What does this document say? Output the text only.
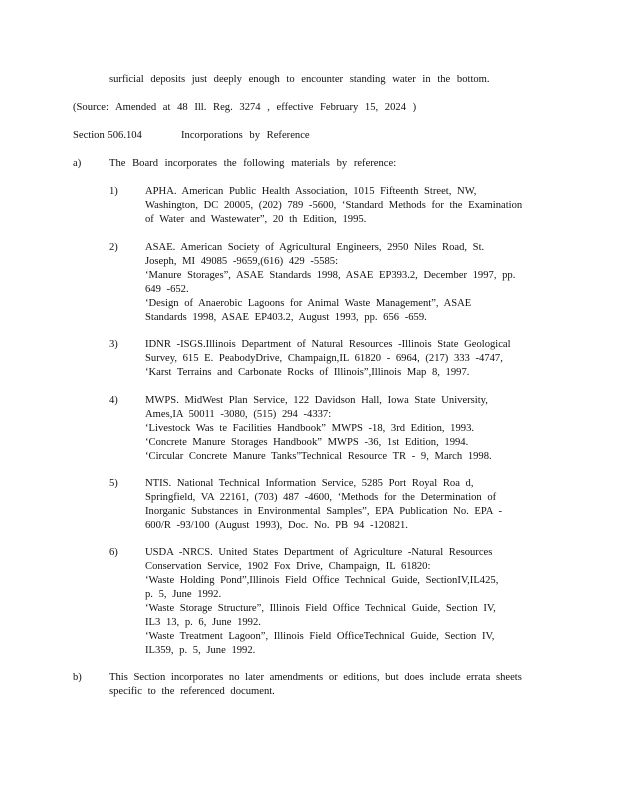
surficial deposits just deeply enough to encounter standing water in the bottom.
(Source: Amended at 48 Ill. Reg. 3274 , effective February 15, 2024 )
Section 506.104	Incorporations by Reference
a)	The Board incorporates the following materials by reference:
1)	APHA. American Public Health Association, 1015 Fifteenth Street, NW,
Washington, DC 20005, (202) 789 -5600, ‘Standard Methods for the Examination
of Water and Wastewater”, 20 th Edition, 1995.
2)	ASAE. American Society of Agricultural Engineers, 2950 Niles Road, St.
Joseph, MI 49085 -9659,(616) 429 -5585:
‘Manure Storages”, ASAE Standards 1998, ASAE EP393.2, December 1997, pp.
649 -652.
‘Design of Anaerobic Lagoons for Animal Waste Management”, ASAE
Standards 1998, ASAE EP403.2, August 1993, pp. 656 -659.
3)	IDNR -ISGS.Illinois Department of Natural Resources -Illinois State Geological
Survey, 615 E. PeabodyDrive, Champaign,IL 61820 - 6964, (217) 333 -4747,
‘Karst Terrains and Carbonate Rocks of Illinois”,Illinois Map 8, 1997.
4)	MWPS. MidWest Plan Service, 122 Davidson Hall, Iowa State University,
Ames,IA 50011 -3080, (515) 294 -4337:
‘Livestock Was te Facilities Handbook” MWPS -18, 3rd Edition, 1993.
‘Concrete Manure Storages Handbook” MWPS -36, 1st Edition, 1994.
‘Circular Concrete Manure Tanks”Technical Resource TR - 9, March 1998.
5)	NTIS. National Technical Information Service, 5285 Port Royal Roa d,
Springfield, VA 22161, (703) 487 -4600, ‘Methods for the Determination of
Inorganic Substances in Environmental Samples”, EPA Publication No. EPA -
600/R -93/100 (August 1993), Doc. No. PB 94 -120821.
6)	USDA -NRCS. United States Department of Agriculture -Natural Resources
Conservation Service, 1902 Fox Drive, Champaign, IL 61820:
‘Waste Holding Pond”,Illinois Field Office Technical Guide, SectionIV,IL425,
p. 5, June 1992.
‘Waste Storage Structure”, Illinois Field Office Technical Guide, Section IV,
IL3 13, p. 6, June 1992.
‘Waste Treatment Lagoon”, Illinois Field OfficeTechnical Guide, Section IV,
IL359, p. 5, June 1992.
b)	This Section incorporates no later amendments or editions, but does include errata sheets
specific to the referenced document.
